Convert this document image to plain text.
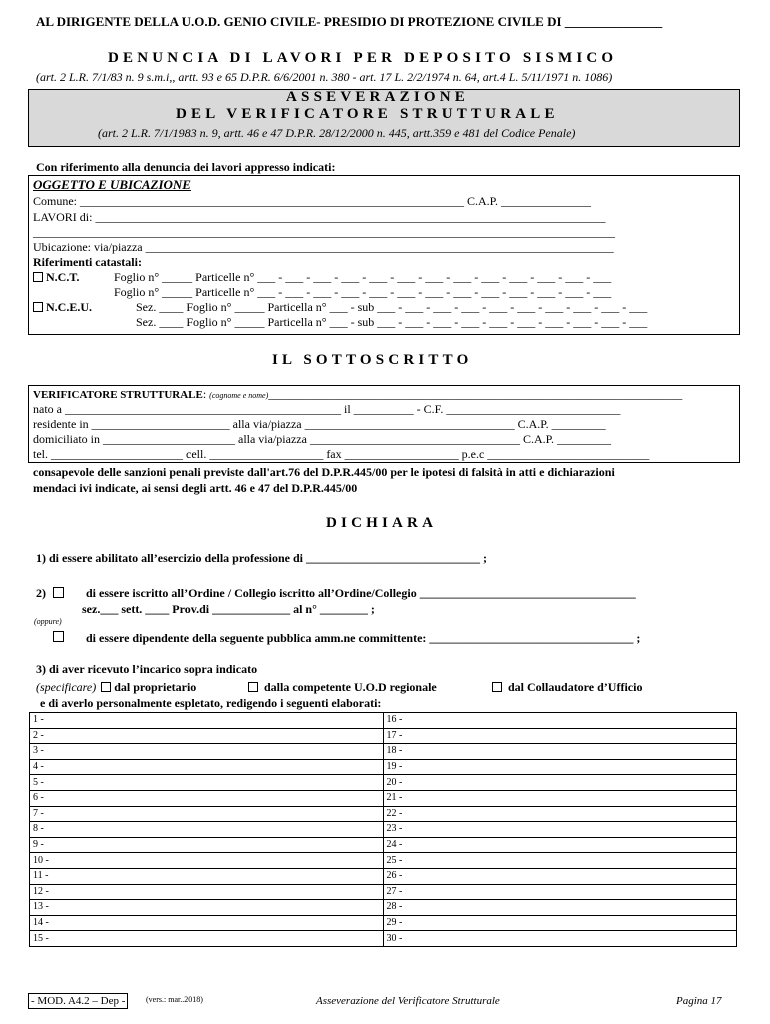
AL DIRIGENTE DELLA U.O.D. GENIO CIVILE- PRESIDIO DI PROTEZIONE CIVILE DI _______________
DENUNCIA DI LAVORI PER DEPOSITO SISMICO
(art. 2 L.R. 7/1/83 n. 9 s.m.i,, artt. 93 e 65 D.P.R. 6/6/2001 n. 380 - art. 17 L. 2/2/1974 n. 64, art.4 L. 5/11/1971 n. 1086)
ASSEVERAZIONE
DEL VERIFICATORE STRUTTURALE
(art. 2 L.R. 7/1/1983 n. 9, artt. 46 e 47 D.P.R. 28/12/2000 n. 445, artt.359 e 481 del Codice Penale)
Con riferimento alla denuncia dei lavori appresso indicati:
OGGETTO E UBICAZIONE
Comune: ________________________________________________________________ C.A.P. _______________
LAVORI di: _____________________________________________________________________________________
_________________________________________________________________________________________________
Ubicazione: via/piazza ______________________________________________________________________________
Riferimenti catastali:
N.C.T.	Foglio n° _____ Particelle n° ___ - ___ - ___ - ___ - ___ - ___ - ___ - ___ - ___ - ___ - ___ - ___ - ___
Foglio n° _____ Particelle n° ___ - ___ - ___ - ___ - ___ - ___ - ___ - ___ - ___ - ___ - ___ - ___ - ___
N.C.E.U.	Sez. ____ Foglio n° _____ Particella n° ___ - sub ___ - ___ - ___ - ___ - ___ - ___ - ___ - ___ - ___ - ___
Sez. ____ Foglio n° _____ Particella n° ___ - sub ___ - ___ - ___ - ___ - ___ - ___ - ___ - ___ - ___ - ___
IL SOTTOSCRITTO
VERIFICATORE STRUTTURALE: (cognome e nome)_____________________________________________________________________
nato a ______________________________________________ il __________ - C.F. _____________________________
residente in _______________________ alla via/piazza ___________________________________ C.A.P. _________
domiciliato in ______________________ alla via/piazza ___________________________________ C.A.P. _________
tel. ______________________ cell. ___________________ fax ___________________ p.e.c ___________________________
consapevole delle sanzioni penali previste dall'art.76 del D.P.R.445/00 per le ipotesi di falsità in atti e dichiarazioni
mendaci ivi indicate, ai sensi degli artt. 46 e 47 del D.P.R.445/00
DICHIARA
1) di essere abilitato all’esercizio della professione di _____________________________ ;
2)	di essere iscritto all’Ordine / Collegio iscritto all’Ordine/Collegio ____________________________________
sez.___ sett. ____ Prov.di _____________ al n° ________ ;
(oppure)
di essere dipendente della seguente pubblica amm.ne committente: __________________________________ ;
3) di aver ricevuto l’incarico sopra indicato
(specificare) dal proprietario	dalla competente U.O.D regionale	dal Collaudatore d’Ufficio
e di averlo personalmente espletato, redigendo i seguenti elaborati:
1 -	16 -
2 -	17 -
3 -	18 -
4 -	19 -
5 -	20 -
6 -	21 -
7 -	22 -
8 -	23 -
9 -	24 -
10 -	25 -
11 -	26 -
12 -	27 -
13 -	28 -
14 -	29 -
15 -	30 -
- MOD. A4.2 – Dep -	(vers.: mar..2018)	Asseverazione del Verificatore Strutturale	Pagina 17
